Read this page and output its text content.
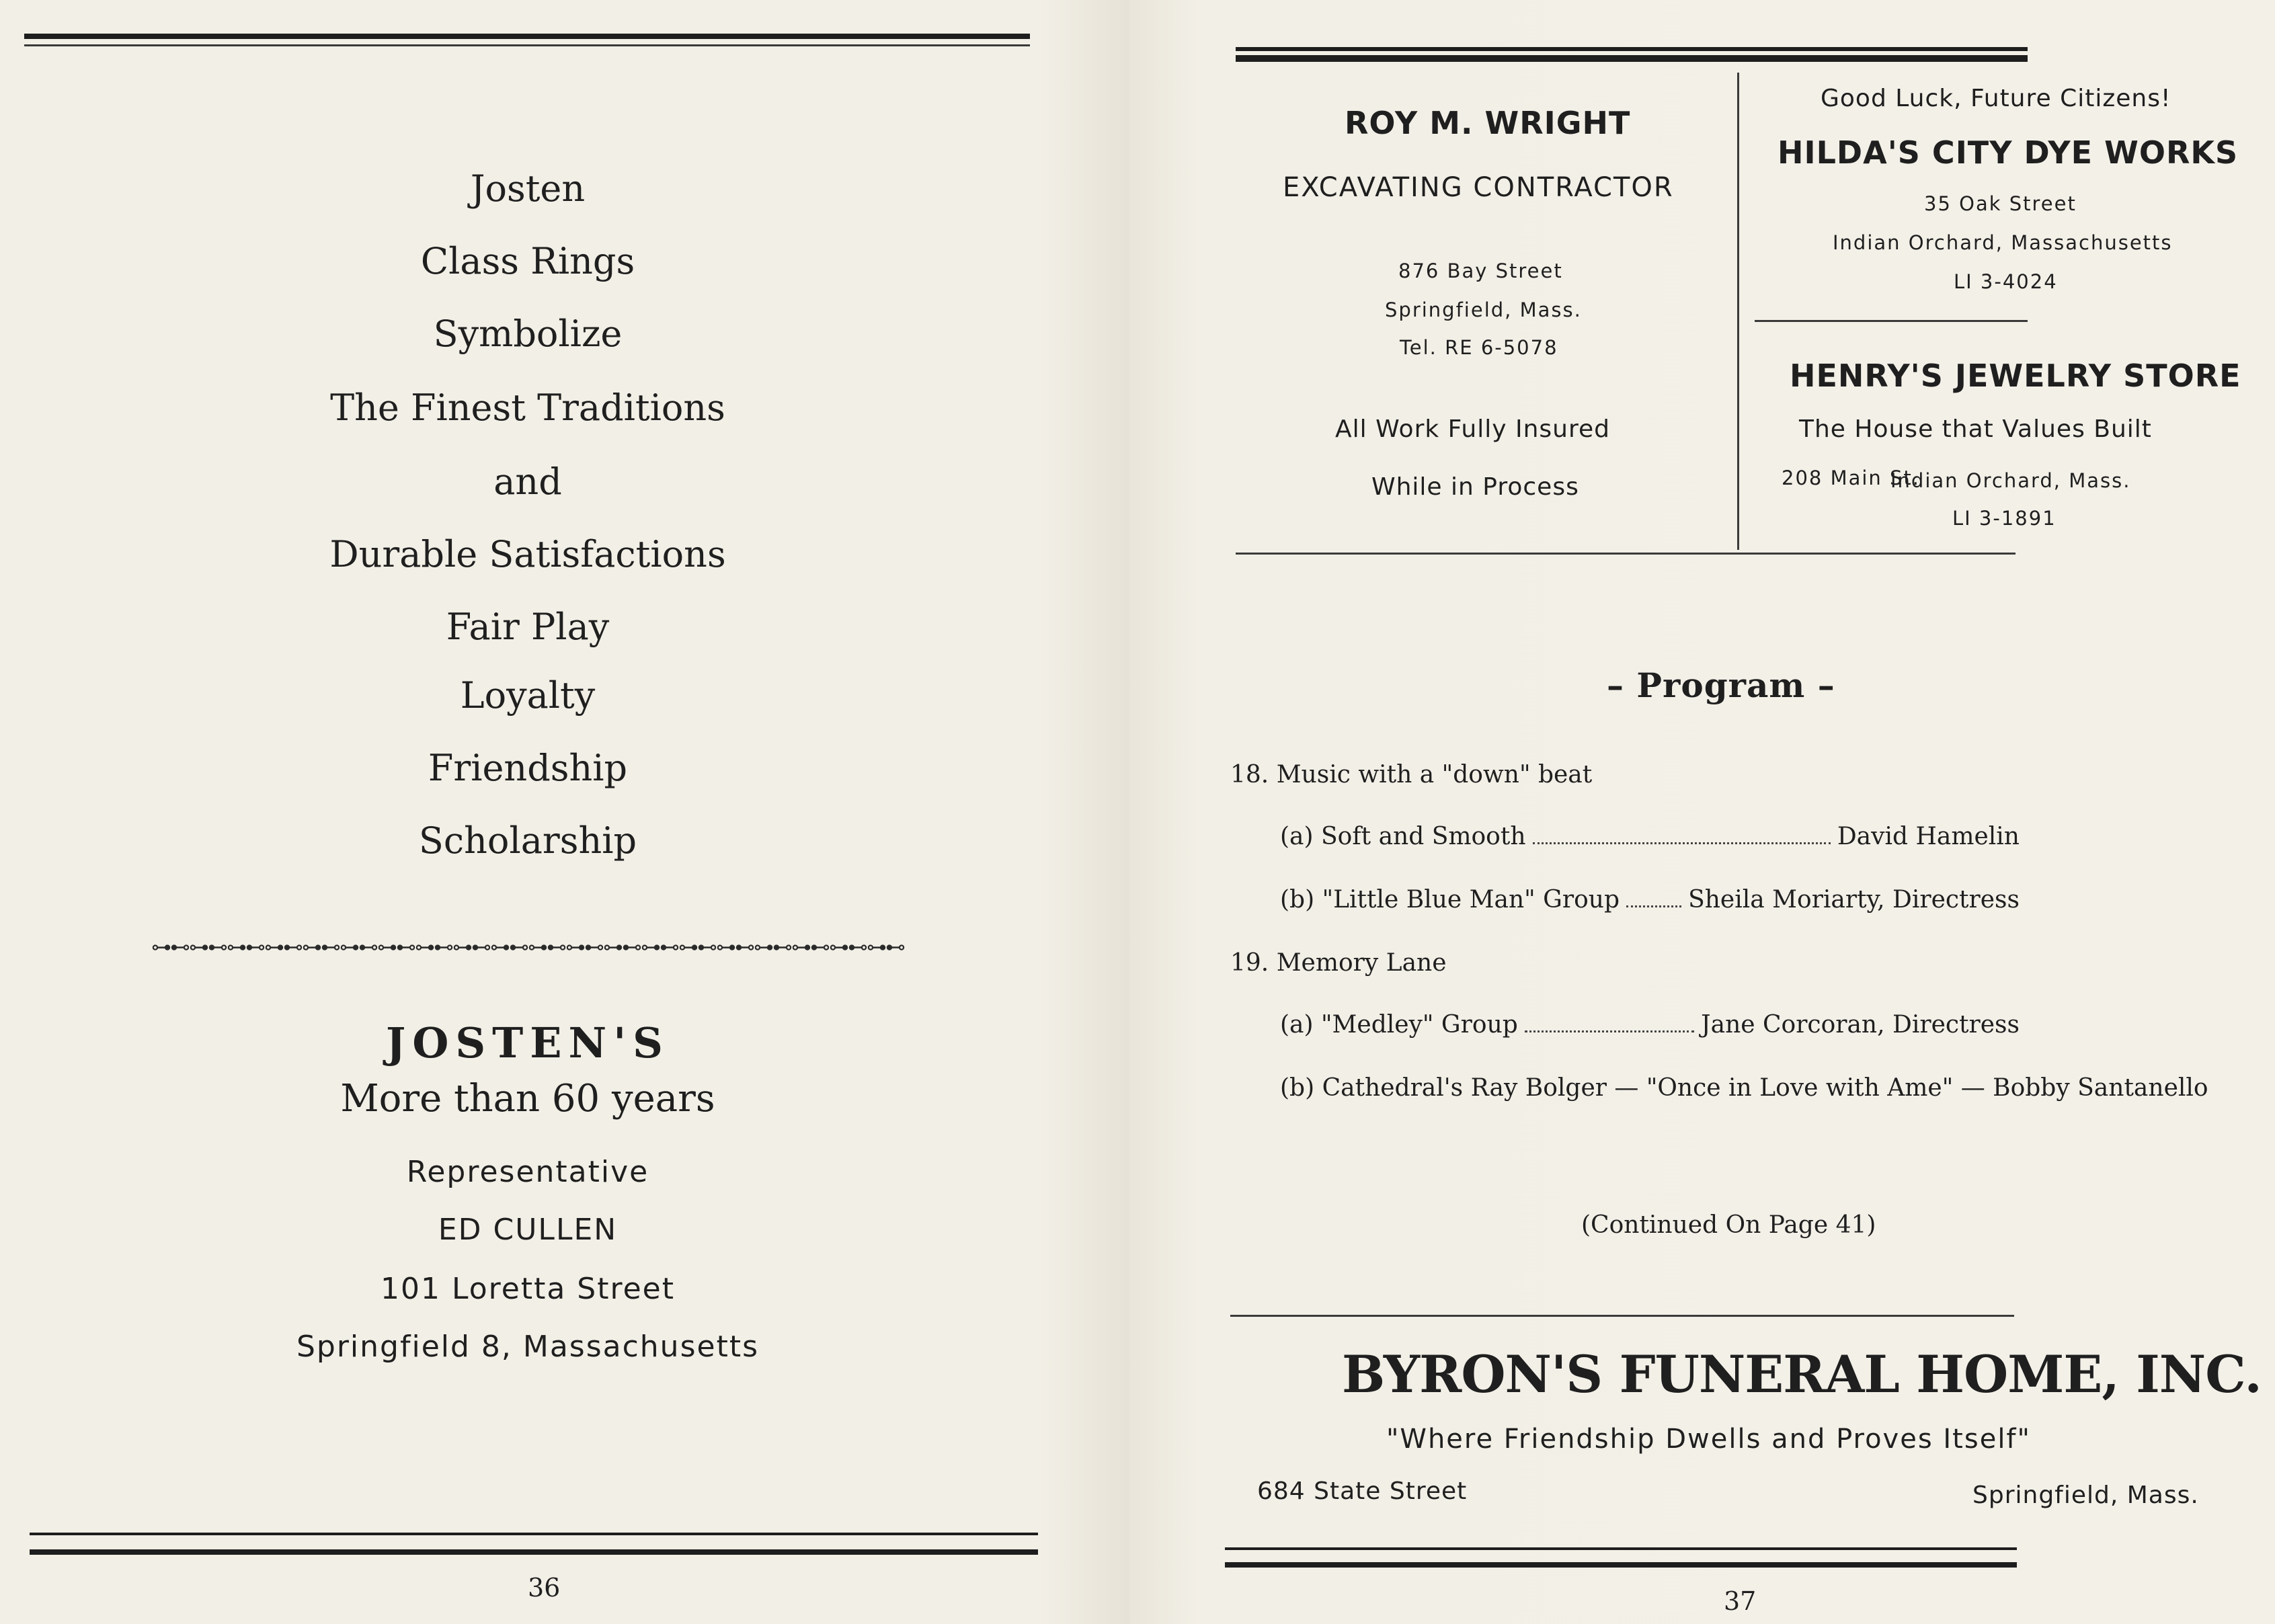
Josten
Class Rings
Symbolize
The Finest Traditions
and
Durable Satisfactions
Fair Play
Loyalty
Friendship
Scholarship
⊶⊷⊶⊷⊶⊷⊶⊷⊶⊷⊶⊷⊶⊷⊶⊷⊶⊷⊶⊷⊶⊷⊶⊷⊶⊷⊶⊷⊶⊷⊶⊷⊶⊷⊶⊷⊶⊷⊶⊷
JOSTEN'S
More than 60 years
Representative
ED CULLEN
101 Loretta Street
Springfield 8, Massachusetts
36
ROY M. WRIGHT
EXCAVATING CONTRACTOR
876 Bay Street
Springfield, Mass.
Tel. RE 6-5078
All Work Fully Insured
While in Process
Good Luck, Future Citizens!
HILDA'S CITY DYE WORKS
35 Oak Street
Indian Orchard, Massachusetts
LI 3-4024
HENRY'S JEWELRY STORE
The House that Values Built
208 Main St.
Indian Orchard, Mass.
LI 3-1891
– Program –
18. Music with a "down" beat
(a) Soft and Smooth	David Hamelin
(b) "Little Blue Man" Group	Sheila Moriarty, Directress
19. Memory Lane
(a) "Medley" Group	Jane Corcoran, Directress
(b) Cathedral's Ray Bolger — "Once in Love with Ame" — Bobby Santanello
(Continued On Page 41)
BYRON'S FUNERAL HOME, INC.
"Where Friendship Dwells and Proves Itself"
684 State Street	Springfield, Mass.
37
